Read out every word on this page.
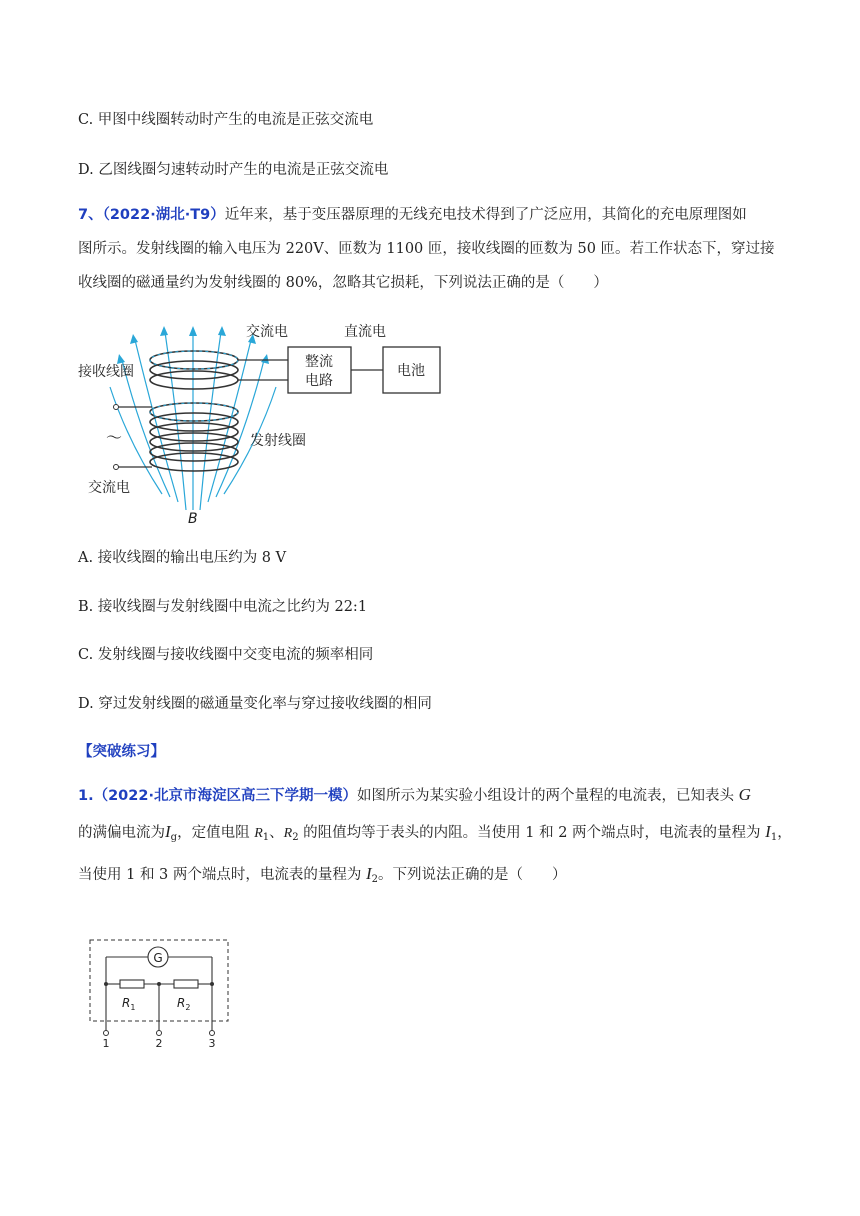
C. 甲图中线圈转动时产生的电流是正弦交流电
D. 乙图线圈匀速转动时产生的电流是正弦交流电
7、（2022·湖北·T9）近年来，基于变压器原理的无线充电技术得到了广泛应用，其简化的充电原理图如
图所示。发射线圈的输入电压为 220V、匝数为 1100 匝，接收线圈的匝数为 50 匝。若工作状态下，穿过接
收线圈的磁通量约为发射线圈的 80%，忽略其它损耗，下列说法正确的是（　　）
整流
电路
电池
交流电	直流电
接收线圈
发射线圈
～
交流电
B
A. 接收线圈的输出电压约为 8 V
B. 接收线圈与发射线圈中电流之比约为 22:1
C. 发射线圈与接收线圈中交变电流的频率相同
D. 穿过发射线圈的磁通量变化率与穿过接收线圈的相同
【突破练习】
1.（2022·北京市海淀区高三下学期一模）如图所示为某实验小组设计的两个量程的电流表，已知表头 G
的满偏电流为$I_g$，定值电阻 $R_1$、$R_2$ 的阻值均等于表头的内阻。当使用 1 和 2 两个端点时，电流表的量程为 $I_1$，
当使用 1 和 3 两个端点时，电流表的量程为 $I_2$。下列说法正确的是（　　）
G
$R_1$	$R_2$
1	2	3
